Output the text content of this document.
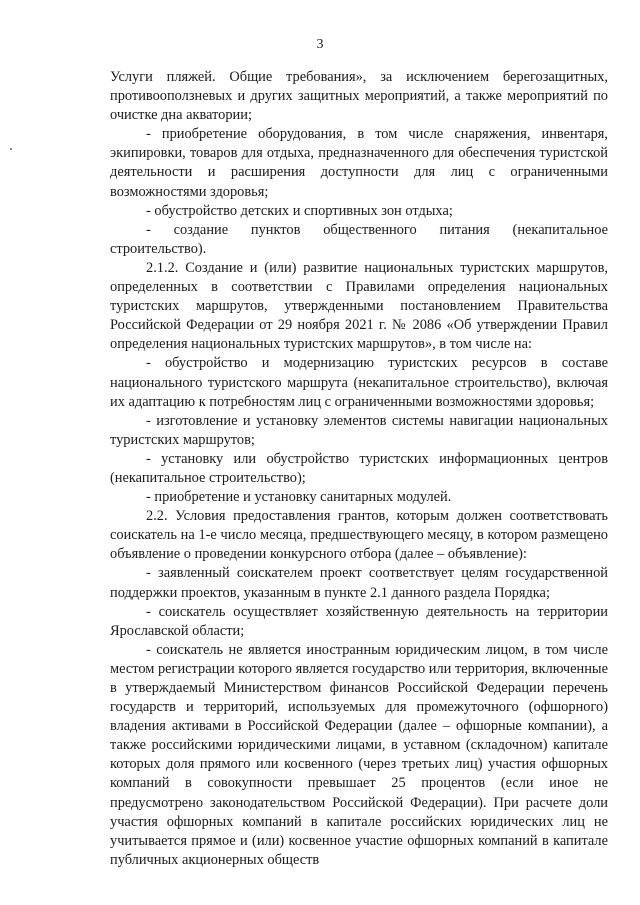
3

Услуги пляжей. Общие требования», за исключением берегозащитных, противооползневых и других защитных мероприятий, а также мероприятий по очистке дна акватории;

- приобретение оборудования, в том числе снаряжения, инвентаря, экипировки, товаров для отдыха, предназначенного для обеспечения туристской деятельности и расширения доступности для лиц с ограниченными возможностями здоровья;

- обустройство детских и спортивных зон отдыха;

- создание пунктов общественного питания (некапитальное строительство).

2.1.2. Создание и (или) развитие национальных туристских маршрутов, определенных в соответствии с Правилами определения национальных туристских маршрутов, утвержденными постановлением Правительства Российской Федерации от 29 ноября 2021 г. № 2086 «Об утверждении Правил определения национальных туристских маршрутов», в том числе на:

- обустройство и модернизацию туристских ресурсов в составе национального туристского маршрута (некапитальное строительство), включая их адаптацию к потребностям лиц с ограниченными возможностями здоровья;

- изготовление и установку элементов системы навигации национальных туристских маршрутов;

- установку или обустройство туристских информационных центров (некапитальное строительство);

- приобретение и установку санитарных модулей.

2.2. Условия предоставления грантов, которым должен соответствовать соискатель на 1-е число месяца, предшествующего месяцу, в котором размещено объявление о проведении конкурсного отбора (далее – объявление):

- заявленный соискателем проект соответствует целям государственной поддержки проектов, указанным в пункте 2.1 данного раздела Порядка;

- соискатель осуществляет хозяйственную деятельность на территории Ярославской области;

- соискатель не является иностранным юридическим лицом, в том числе местом регистрации которого является государство или территория, включенные в утверждаемый Министерством финансов Российской Федерации перечень государств и территорий, используемых для промежуточного (офшорного) владения активами в Российской Федерации (далее – офшорные компании), а также российскими юридическими лицами, в уставном (складочном) капитале которых доля прямого или косвенного (через третьих лиц) участия офшорных компаний в совокупности превышает 25 процентов (если иное не предусмотрено законодательством Российской Федерации). При расчете доли участия офшорных компаний в капитале российских юридических лиц не учитывается прямое и (или) косвенное участие офшорных компаний в капитале публичных акционерных обществ
